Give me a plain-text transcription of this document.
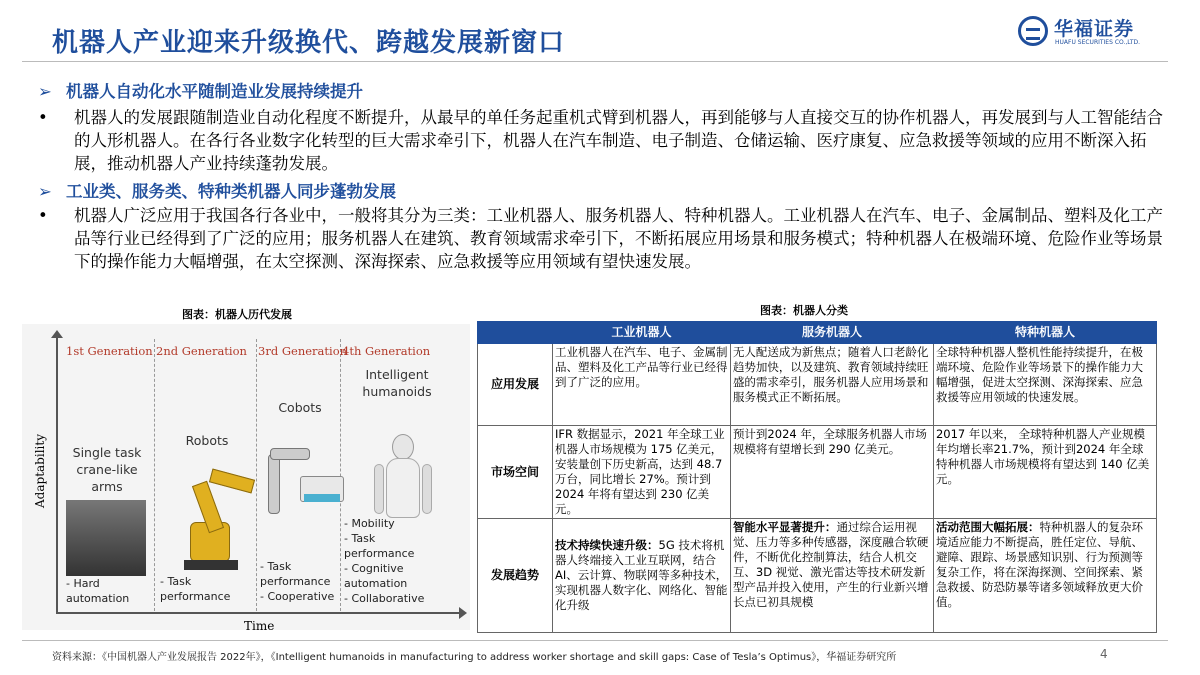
机器人产业迎来升级换代、跨越发展新窗口	华福证券
HUAFU SECURITIES CO.,LTD.
➢ 机器人自动化水平随制造业发展持续提升
• 机器人的发展跟随制造业自动化程度不断提升，从最早的单任务起重机式臂到机器人，再到能够与人直接交互的协作机器人，再发展到与人工智能结合的人形机器人。在各行各业数字化转型的巨大需求牵引下，机器人在汽车制造、电子制造、仓储运输、医疗康复、应急救援等领域的应用不断深入拓展，推动机器人产业持续蓬勃发展。
➢ 工业类、服务类、特种类机器人同步蓬勃发展
• 机器人广泛应用于我国各行各业中，一般将其分为三类：工业机器人、服务机器人、特种机器人。工业机器人在汽车、电子、金属制品、塑料及化工产品等行业已经得到了广泛的应用；服务机器人在建筑、教育领域需求牵引下，不断拓展应用场景和服务模式；特种机器人在极端环境、危险作业等场景下的操作能力大幅增强，在太空探测、深海探索、应急救援等应用领域有望快速发展。
图表：机器人历代发展	图表：机器人分类
Adaptability
Time
1st Generation 2nd Generation 3rd Generation
4th Generation
Single task
crane-like
arms
Robots
Cobots
Intelligent
humanoids
- Hard
automation
- Task
performance
- Task
performance
- Cooperative
- Mobility
- Task
performance
- Cognitive
automation
- Collaborative
	工业机器人	服务机器人	特种机器人
应用发展	工业机器人在汽车、电子、金属制品、塑料及化工产品等行业已经得到了广泛的应用。	无人配送成为新焦点；随着人口老龄化趋势加快，以及建筑、教育领域持续旺盛的需求牵引，服务机器人应用场景和服务模式正不断拓展。	全球特种机器人整机性能持续提升，在极端环境、危险作业等场景下的操作能力大幅增强，促进太空探测、深海探索、应急救援等应用领域的快速发展。
市场空间	IFR 数据显示，2021 年全球工业机器人市场规模为 175 亿美元，安装量创下历史新高，达到 48.7 万台，同比增长 27%。预计到 2024 年将有望达到 230 亿美元。	预计到2024 年，全球服务机器人市场规模将有望增长到 290 亿美元。	2017 年以来， 全球特种机器人产业规模年均增长率21.7%，预计到2024 年全球特种机器人市场规模将有望达到 140 亿美元。
发展趋势	技术持续快速升级：5G 技术将机器人终端接入工业互联网，结合AI、云计算、物联网等多种技术，实现机器人数字化、网络化、智能化升级	智能水平显著提升：通过综合运用视觉、压力等多种传感器，深度融合软硬件，不断优化控制算法，结合人机交互、3D 视觉、激光雷达等技术研发新型产品并投入使用，产生的行业新兴增长点已初具规模	活动范围大幅拓展：特种机器人的复杂环境适应能力不断提高，胜任定位、导航、避障、跟踪、场景感知识别、行为预测等复杂工作，将在深海探测、空间探索、紧急救援、防恐防暴等诸多领域释放更大价值。
资料来源：《中国机器人产业发展报告 2022年》，《Intelligent humanoids in manufacturing to address worker shortage and skill gaps: Case of Tesla’s Optimus》，华福证券研究所	4
